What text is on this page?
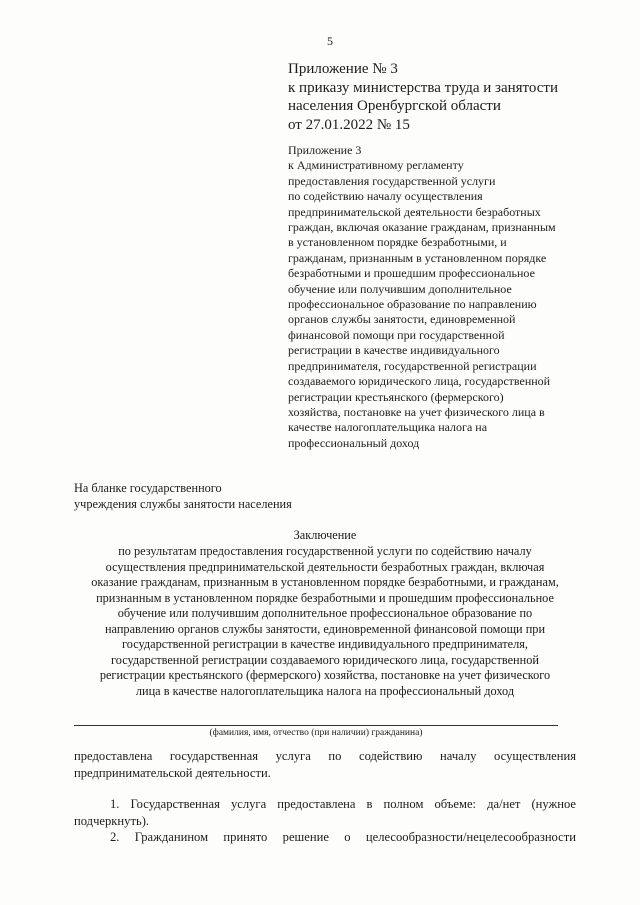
5
Приложение № 3
к приказу министерства труда и занятости
населения Оренбургской области
от 27.01.2022 № 15
Приложение 3
к Административному регламенту
предоставления государственной услуги
по содействию началу осуществления
предпринимательской деятельности безработных
граждан, включая оказание гражданам, признанным
в установленном порядке безработными, и
гражданам, признанным в установленном порядке
безработными и прошедшим профессиональное
обучение или получившим дополнительное
профессиональное образование по направлению
органов службы занятости, единовременной
финансовой помощи при государственной
регистрации в качестве индивидуального
предпринимателя, государственной регистрации
создаваемого юридического лица, государственной
регистрации крестьянского (фермерского)
хозяйства, постановке на учет физического лица в
качестве налогоплательщика налога на
профессиональный доход
На бланке государственного
учреждения службы занятости населения
Заключение
по результатам предоставления государственной услуги по содействию началу
осуществления предпринимательской деятельности безработных граждан, включая
оказание гражданам, признанным в установленном порядке безработными, и гражданам,
признанным в установленном порядке безработными и прошедшим профессиональное
обучение или получившим дополнительное профессиональное образование по
направлению органов службы занятости, единовременной финансовой помощи при
государственной регистрации в качестве индивидуального предпринимателя,
государственной регистрации создаваемого юридического лица, государственной
регистрации крестьянского (фермерского) хозяйства, постановке на учет физического
лица в качестве налогоплательщика налога на профессиональный доход
(фамилия, имя, отчество (при наличии) гражданина)
предоставлена государственная услуга по содействию началу осуществления
предпринимательской деятельности.
1. Государственная услуга предоставлена в полном объеме: да/нет (нужное
подчеркнуть).
2. Гражданином принято решение о целесообразности/нецелесообразности
